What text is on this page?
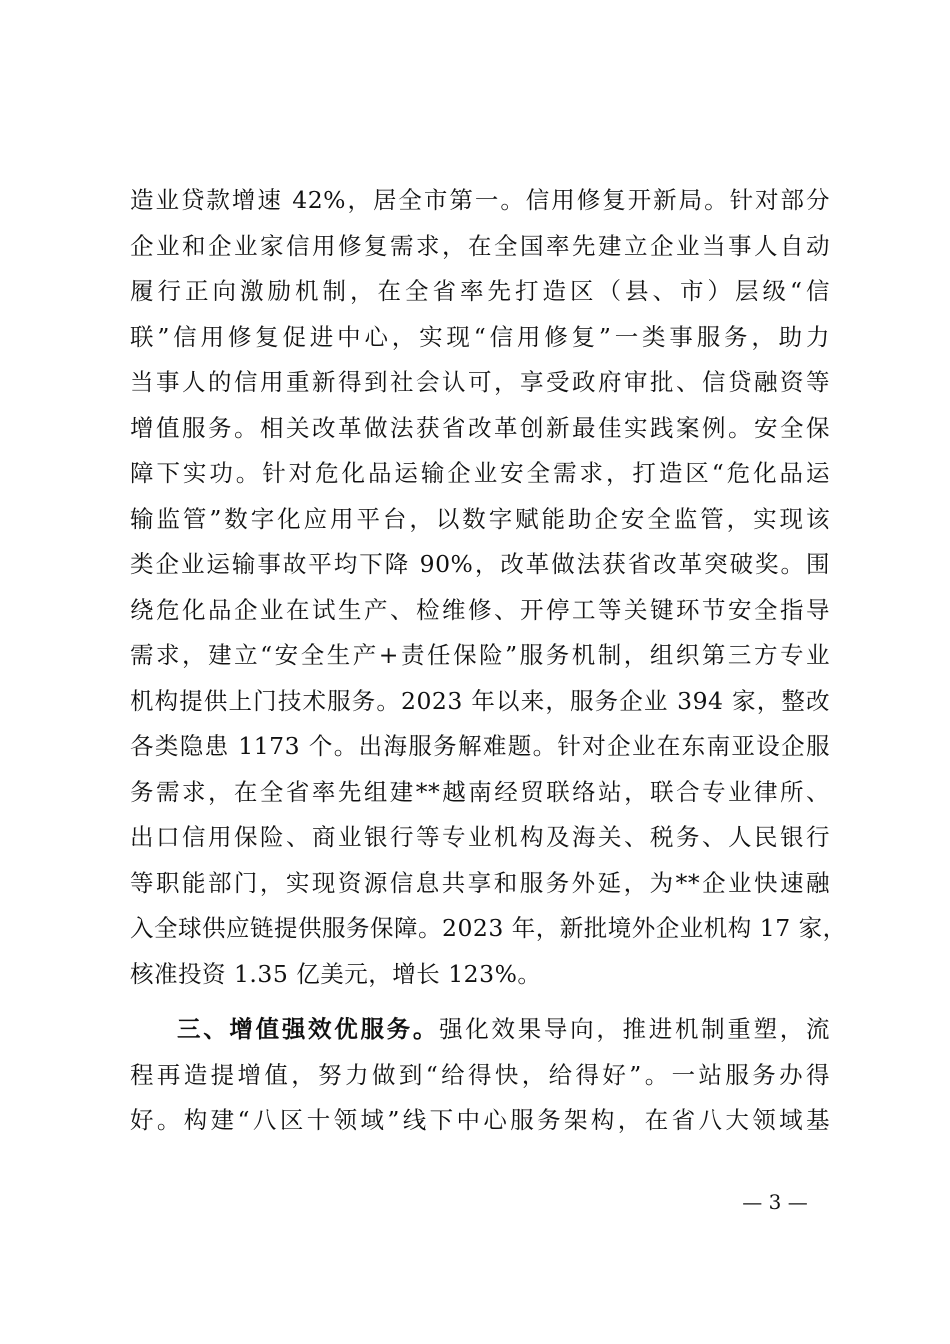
造业贷款增速 42%，居全市第一。信用修复开新局。针对部分
企业和企业家信用修复需求，在全国率先建立企业当事人自动
履行正向激励机制，在全省率先打造区（县、市）层级“信
联”信用修复促进中心，实现“信用修复”一类事服务，助力
当事人的信用重新得到社会认可，享受政府审批、信贷融资等
增值服务。相关改革做法获省改革创新最佳实践案例。安全保
障下实功。针对危化品运输企业安全需求，打造区“危化品运
输监管”数字化应用平台，以数字赋能助企安全监管，实现该
类企业运输事故平均下降 90%，改革做法获省改革突破奖。围
绕危化品企业在试生产、检维修、开停工等关键环节安全指导
需求，建立“安全生产+责任保险”服务机制，组织第三方专业
机构提供上门技术服务。2023 年以来，服务企业 394 家，整改
各类隐患 1173 个。出海服务解难题。针对企业在东南亚设企服
务需求，在全省率先组建**越南经贸联络站，联合专业律所、
出口信用保险、商业银行等专业机构及海关、税务、人民银行
等职能部门，实现资源信息共享和服务外延，为**企业快速融
入全球供应链提供服务保障。2023 年，新批境外企业机构 17 家，
核准投资 1.35 亿美元，增长 123%。
三、增值强效优服务。强化效果导向，推进机制重塑，流
程再造提增值，努力做到“给得快，给得好”。一站服务办得
好。构建“八区十领域”线下中心服务架构，在省八大领域基
— 3 —
